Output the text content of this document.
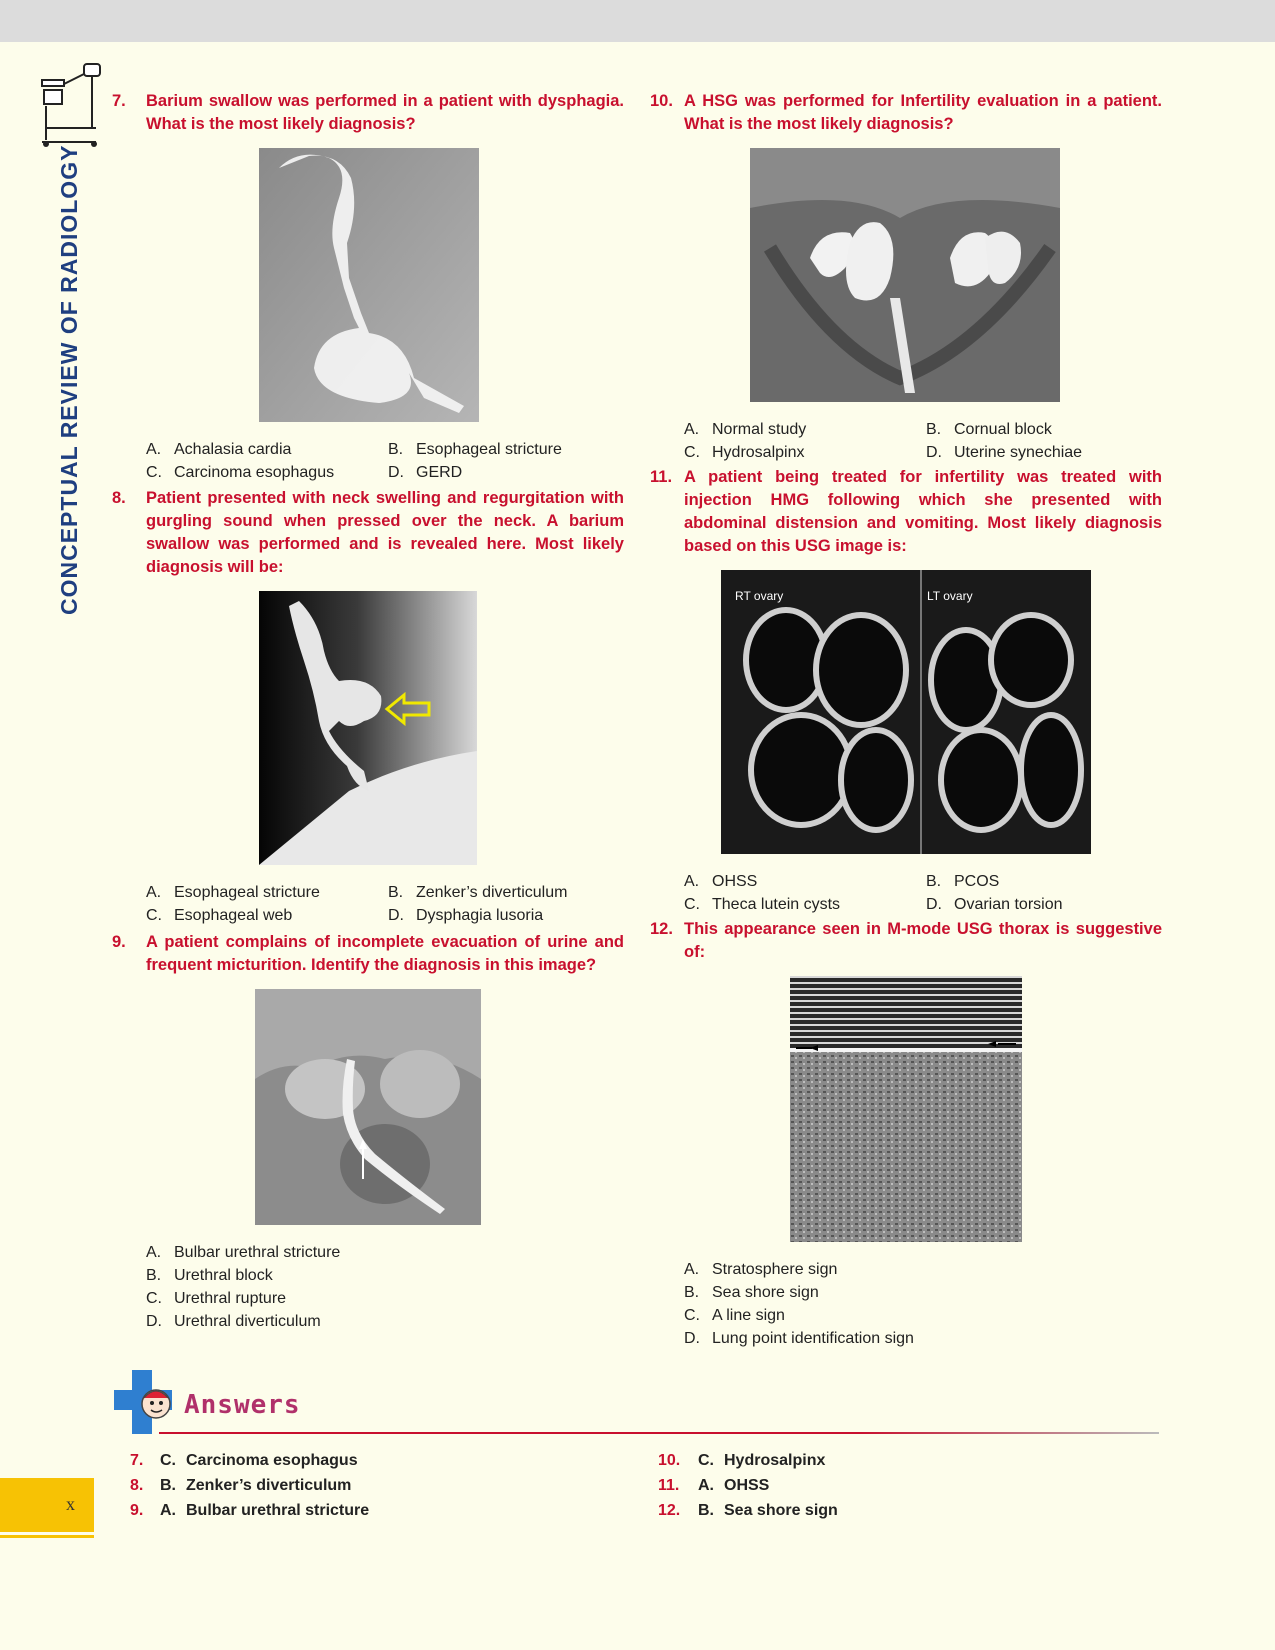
CONCEPTUAL REVIEW OF RADIOLOGY
7.	Barium swallow was performed in a patient with dysphagia. What is the most likely diagnosis?
A. Achalasia cardia	B. Esophageal stricture
C. Carcinoma esophagus	D. GERD
8.	Patient presented with neck swelling and regurgitation with gurgling sound when pressed over the neck. A barium swallow was performed and is revealed here. Most likely diagnosis will be:
A. Esophageal stricture	B. Zenker’s diverticulum
C. Esophageal web	D. Dysphagia lusoria
9.	A patient complains of incomplete evacuation of urine and frequent micturition. Identify the diagnosis in this image?
A. Bulbar urethral stricture
B. Urethral block
C. Urethral rupture
D. Urethral diverticulum
10. A HSG was performed for Infertility evaluation in a patient. What is the most likely diagnosis?
A. Normal study	B. Cornual block
C. Hydrosalpinx	D. Uterine synechiae
11. A patient being treated for infertility was treated with injection HMG following which she presented with abdominal distension and vomiting. Most likely diagnosis based on this USG image is:
RT ovary	LT ovary
A. OHSS	B. PCOS
C. Theca lutein cysts	D. Ovarian torsion
12. This appearance seen in M-mode USG thorax is suggestive of:
A. Stratosphere sign
B. Sea shore sign
C. A line sign
D. Lung point identification sign
Answers
7. C. Carcinoma esophagus
8. B. Zenker’s diverticulum
9. A. Bulbar urethral stricture
10. C. Hydrosalpinx
11. A. OHSS
12. B. Sea shore sign
x
